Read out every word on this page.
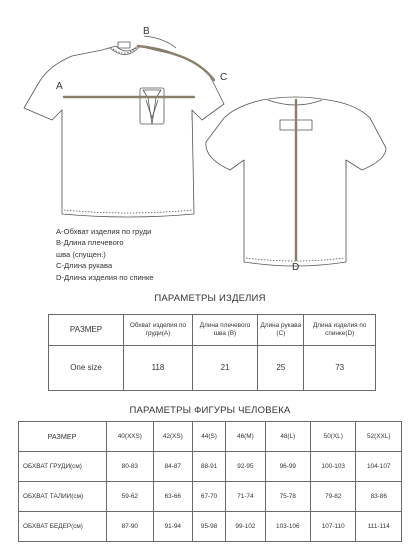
A
B
C
D
A-Обхват изделия по груди
B-Длина плечевого
шва (спущен.)
C-Длина рукава
D-Длина изделия по спинке
ПАРАМЕТРЫ ИЗДЕЛИЯ
РАЗМЕР	Обхват изделия по груди(A)	Длина плечевого шва (B)	Длина рукава (C)	Длина изделия по спинке(D)
One size	118	21	25	73
ПАРАМЕТРЫ ФИГУРЫ ЧЕЛОВЕКА
РАЗМЕР	40(XXS)	42(XS)	44(S)	46(M)	48(L)	50(XL)	52(XXL)
ОБХВАТ ГРУДИ(см)	80-83	84-87	88-91	92-95	96-99	100-103	104-107
ОБХВАТ ТАЛИИ(см)	59-62	63-66	67-70	71-74	75-78	79-82	83-86
ОБХВАТ БЕДЕР(см)	87-90	91-94	95-98	99-102	103-106	107-110	111-114
